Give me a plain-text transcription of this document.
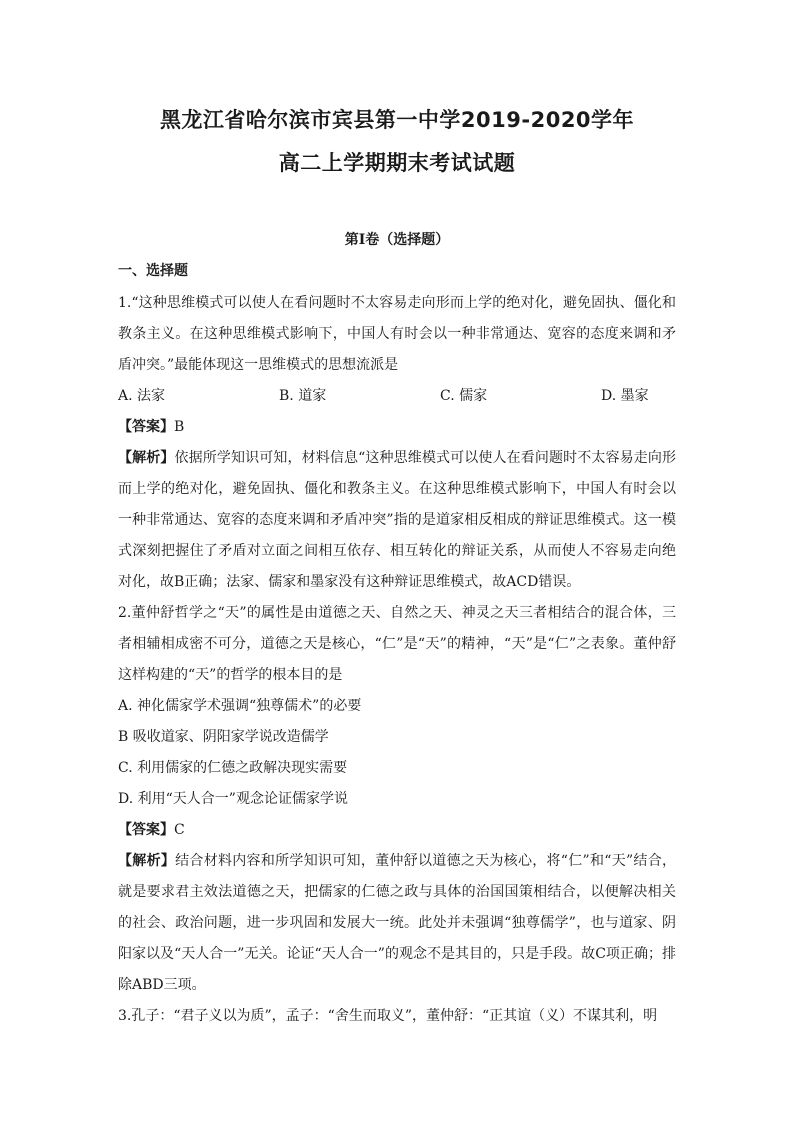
黑龙江省哈尔滨市宾县第一中学2019-2020学年
高二上学期期末考试试题
第Ⅰ卷（选择题）
一、选择题

1.“这种思维模式可以使人在看问题时不太容易走向形而上学的绝对化，避免固执、僵化和教条主义。在这种思维模式影响下，中国人有时会以一种非常通达、宽容的态度来调和矛盾冲突。”最能体现这一思维模式的思想流派是

A. 法家	B. 道家	C. 儒家	D. 墨家

【答案】B

【解析】依据所学知识可知，材料信息“这种思维模式可以使人在看问题时不太容易走向形而上学的绝对化，避免固执、僵化和教条主义。在这种思维模式影响下，中国人有时会以一种非常通达、宽容的态度来调和矛盾冲突”指的是道家相反相成的辩证思维模式。这一模式深刻把握住了矛盾对立面之间相互依存、相互转化的辩证关系，从而使人不容易走向绝对化，故B正确；法家、儒家和墨家没有这种辩证思维模式，故ACD错误。

2.董仲舒哲学之“天”的属性是由道德之天、自然之天、神灵之天三者相结合的混合体，三者相辅相成密不可分，道德之天是核心，“仁”是“天”的精神，“天”是“仁”之表象。董仲舒这样构建的“天”的哲学的根本目的是

A. 神化儒家学术强调“独尊儒术”的必要

B 吸收道家、阴阳家学说改造儒学

C. 利用儒家的仁德之政解决现实需要

D. 利用“天人合一”观念论证儒家学说

【答案】C

【解析】结合材料内容和所学知识可知，董仲舒以道德之天为核心，将“仁”和“天”结合，就是要求君主效法道德之天，把儒家的仁德之政与具体的治国国策相结合，以便解决相关的社会、政治问题，进一步巩固和发展大一统。此处并未强调“独尊儒学”，也与道家、阴阳家以及“天人合一”无关。论证“天人合一”的观念不是其目的，只是手段。故C项正确；排除ABD三项。

3.孔子：“君子义以为质”，孟子：“舍生而取义”，董仲舒：“正其谊（义）不谋其利，明
